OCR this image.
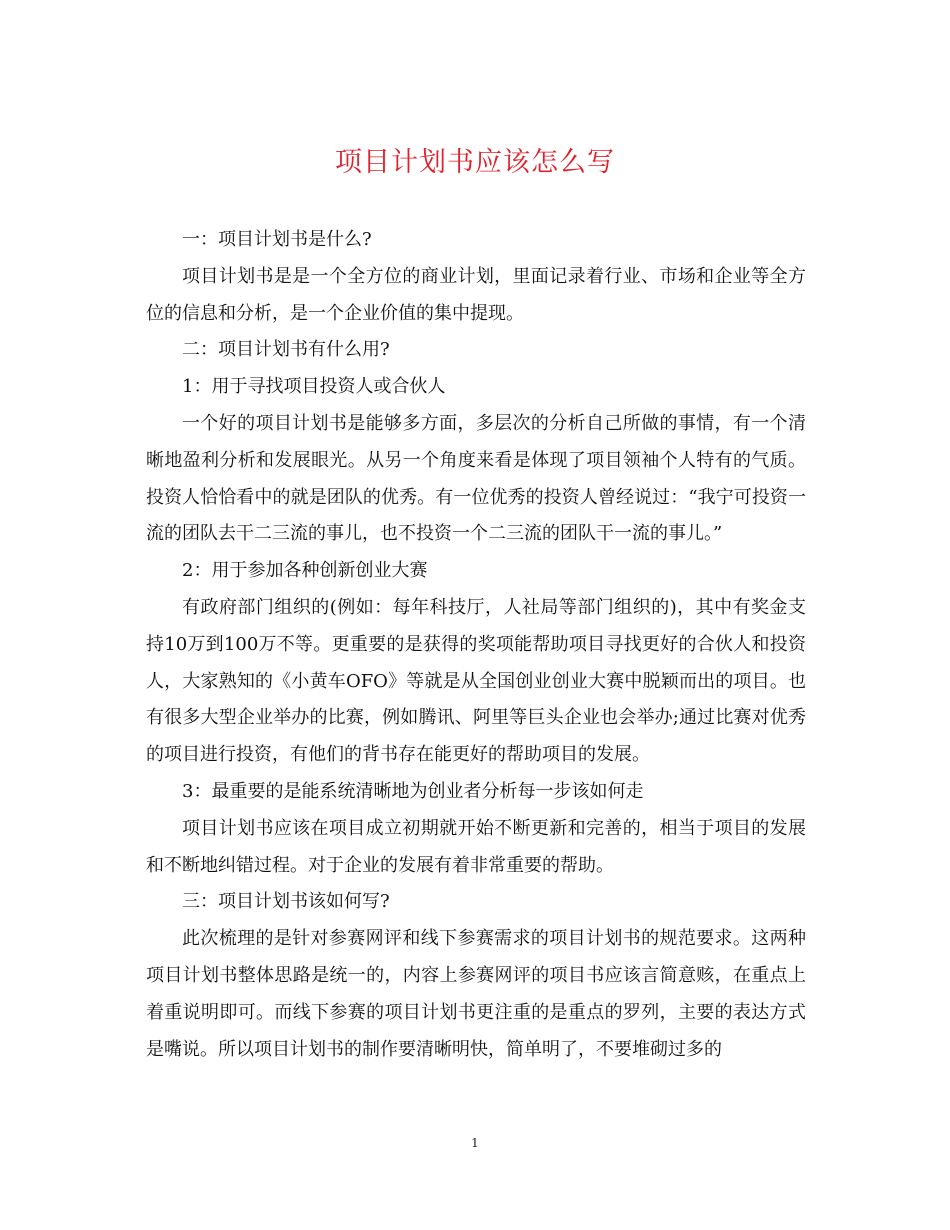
项目计划书应该怎么写

一：项目计划书是什么?

项目计划书是是一个全方位的商业计划，里面记录着行业、市场和企业等全方位的信息和分析，是一个企业价值的集中提现。

二：项目计划书有什么用?

1：用于寻找项目投资人或合伙人

一个好的项目计划书是能够多方面，多层次的分析自己所做的事情，有一个清晰地盈利分析和发展眼光。从另一个角度来看是体现了项目领袖个人特有的气质。投资人恰恰看中的就是团队的优秀。有一位优秀的投资人曾经说过：“我宁可投资一流的团队去干二三流的事儿，也不投资一个二三流的团队干一流的事儿。”

2：用于参加各种创新创业大赛

有政府部门组织的(例如：每年科技厅，人社局等部门组织的)，其中有奖金支持10万到100万不等。更重要的是获得的奖项能帮助项目寻找更好的合伙人和投资人，大家熟知的《小黄车OFO》等就是从全国创业创业大赛中脱颖而出的项目。也有很多大型企业举办的比赛，例如腾讯、阿里等巨头企业也会举办;通过比赛对优秀的项目进行投资，有他们的背书存在能更好的帮助项目的发展。

3：最重要的是能系统清晰地为创业者分析每一步该如何走

项目计划书应该在项目成立初期就开始不断更新和完善的，相当于项目的发展和不断地纠错过程。对于企业的发展有着非常重要的帮助。

三：项目计划书该如何写?

此次梳理的是针对参赛网评和线下参赛需求的项目计划书的规范要求。这两种项目计划书整体思路是统一的，内容上参赛网评的项目书应该言简意赅，在重点上着重说明即可。而线下参赛的项目计划书更注重的是重点的罗列，主要的表达方式是嘴说。所以项目计划书的制作要清晰明快，简单明了，不要堆砌过多的

1
